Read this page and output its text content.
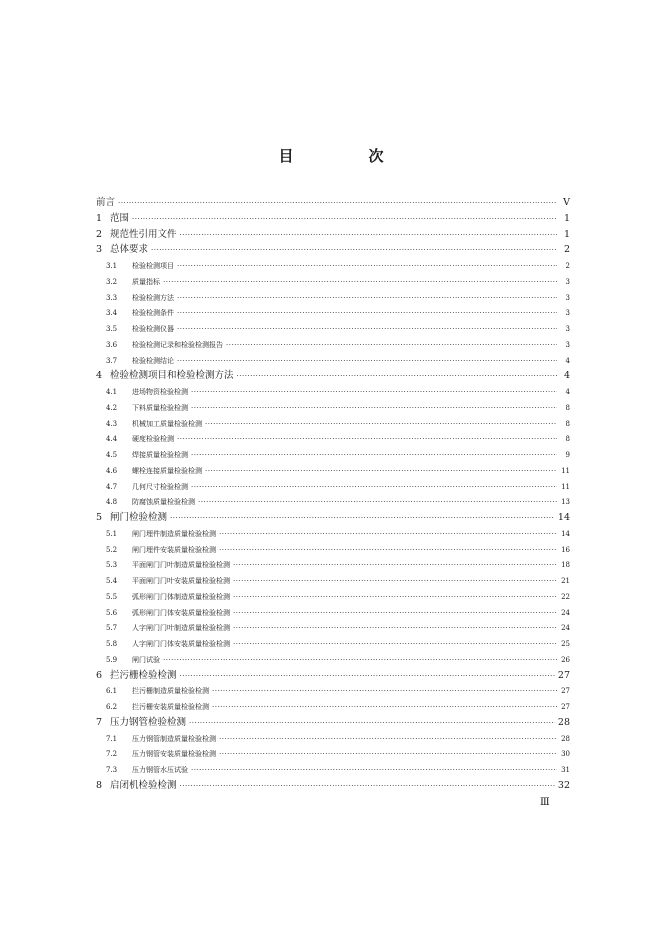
目　次
前言 ·····	Ⅴ
1 范围 ·····	1
2 规范性引用文件 ·····	1
3 总体要求 ·····	2
3.1	检验检测项目 ·····	2
3.2	质量指标 ·····	3
3.3	检验检测方法 ·····	3
3.4	检验检测条件 ·····	3
3.5	检验检测仪器 ·····	3
3.6	检验检测记录和检验检测报告 ·····	3
3.7	检验检测结论 ·····	4
4 检验检测项目和检验检测方法 ·····	4
4.1	进场物资检验检测 ·····	4
4.2	下料质量检验检测 ·····	8
4.3	机械加工质量检验检测 ·····	8
4.4	硬度检验检测 ·····	8
4.5	焊接质量检验检测 ·····	9
4.6	螺栓连接质量检验检测 ·····	11
4.7	几何尺寸检验检测 ·····	11
4.8	防腐蚀质量检验检测 ·····	13
5 闸门检验检测 ·····	14
5.1	闸门埋件制造质量检验检测 ·····	14
5.2	闸门埋件安装质量检验检测 ·····	16
5.3	平面闸门门叶制造质量检验检测 ·····	18
5.4	平面闸门门叶安装质量检验检测 ·····	21
5.5	弧形闸门门体制造质量检验检测 ·····	22
5.6	弧形闸门门体安装质量检验检测 ·····	24
5.7	人字闸门门叶制造质量检验检测 ·····	24
5.8	人字闸门门体安装质量检验检测 ·····	25
5.9	闸门试验 ·····	26
6 拦污栅检验检测 ·····	27
6.1	拦污栅制造质量检验检测 ·····	27
6.2	拦污栅安装质量检验检测 ·····	27
7 压力钢管检验检测 ·····	28
7.1	压力钢管制造质量检验检测 ·····	28
7.2	压力钢管安装质量检验检测 ·····	30
7.3	压力钢管水压试验 ·····	31
8 启闭机检验检测 ·····	32
Ⅲ
